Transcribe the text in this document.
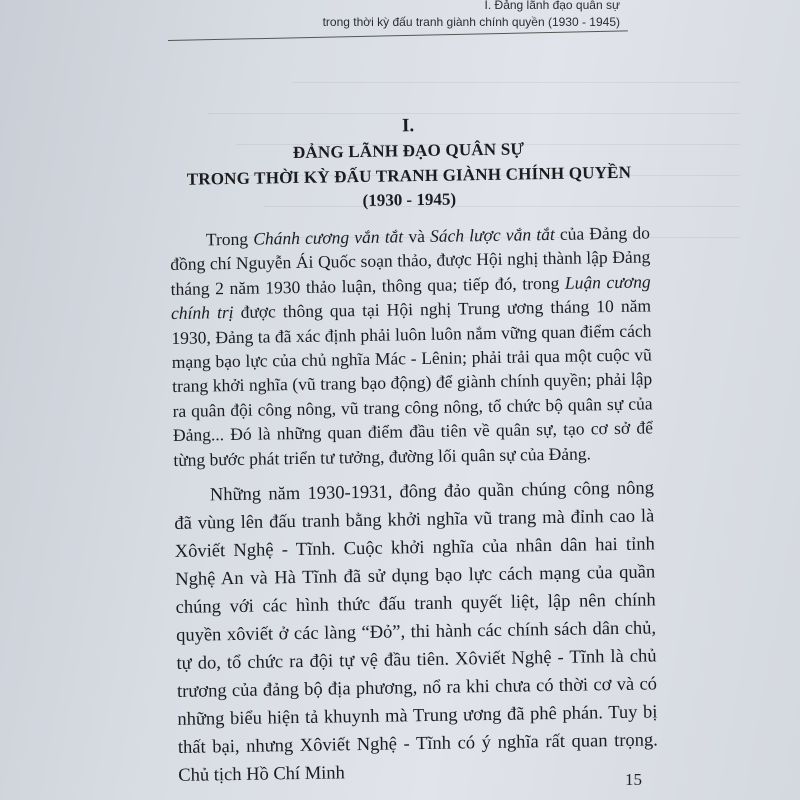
I. Đảng lãnh đạo quân sự
trong thời kỳ đấu tranh giành chính quyền (1930 - 1945)

I.

ĐẢNG LÃNH ĐẠO QUÂN SỰ

TRONG THỜI KỲ ĐẤU TRANH GIÀNH CHÍNH QUYỀN

(1930 - 1945)

Trong Chánh cương vắn tắt và Sách lược vắn tắt của Đảng do đồng chí Nguyễn Ái Quốc soạn thảo, được Hội nghị thành lập Đảng tháng 2 năm 1930 thảo luận, thông qua; tiếp đó, trong Luận cương chính trị được thông qua tại Hội nghị Trung ương tháng 10 năm 1930, Đảng ta đã xác định phải luôn luôn nắm vững quan điểm cách mạng bạo lực của chủ nghĩa Mác - Lênin; phải trải qua một cuộc vũ trang khởi nghĩa (vũ trang bạo động) để giành chính quyền; phải lập ra quân đội công nông, vũ trang công nông, tổ chức bộ quân sự của Đảng... Đó là những quan điểm đầu tiên về quân sự, tạo cơ sở để từng bước phát triển tư tưởng, đường lối quân sự của Đảng.

Những năm 1930-1931, đông đảo quần chúng công nông đã vùng lên đấu tranh bằng khởi nghĩa vũ trang mà đỉnh cao là Xôviết Nghệ - Tĩnh. Cuộc khởi nghĩa của nhân dân hai tỉnh Nghệ An và Hà Tĩnh đã sử dụng bạo lực cách mạng của quần chúng với các hình thức đấu tranh quyết liệt, lập nên chính quyền xôviết ở các làng “Đỏ”, thi hành các chính sách dân chủ, tự do, tổ chức ra đội tự vệ đầu tiên. Xôviết Nghệ - Tĩnh là chủ trương của đảng bộ địa phương, nổ ra khi chưa có thời cơ và có những biểu hiện tả khuynh mà Trung ương đã phê phán. Tuy bị thất bại, nhưng Xôviết Nghệ - Tĩnh có ý nghĩa rất quan trọng. Chủ tịch Hồ Chí Minh	15
